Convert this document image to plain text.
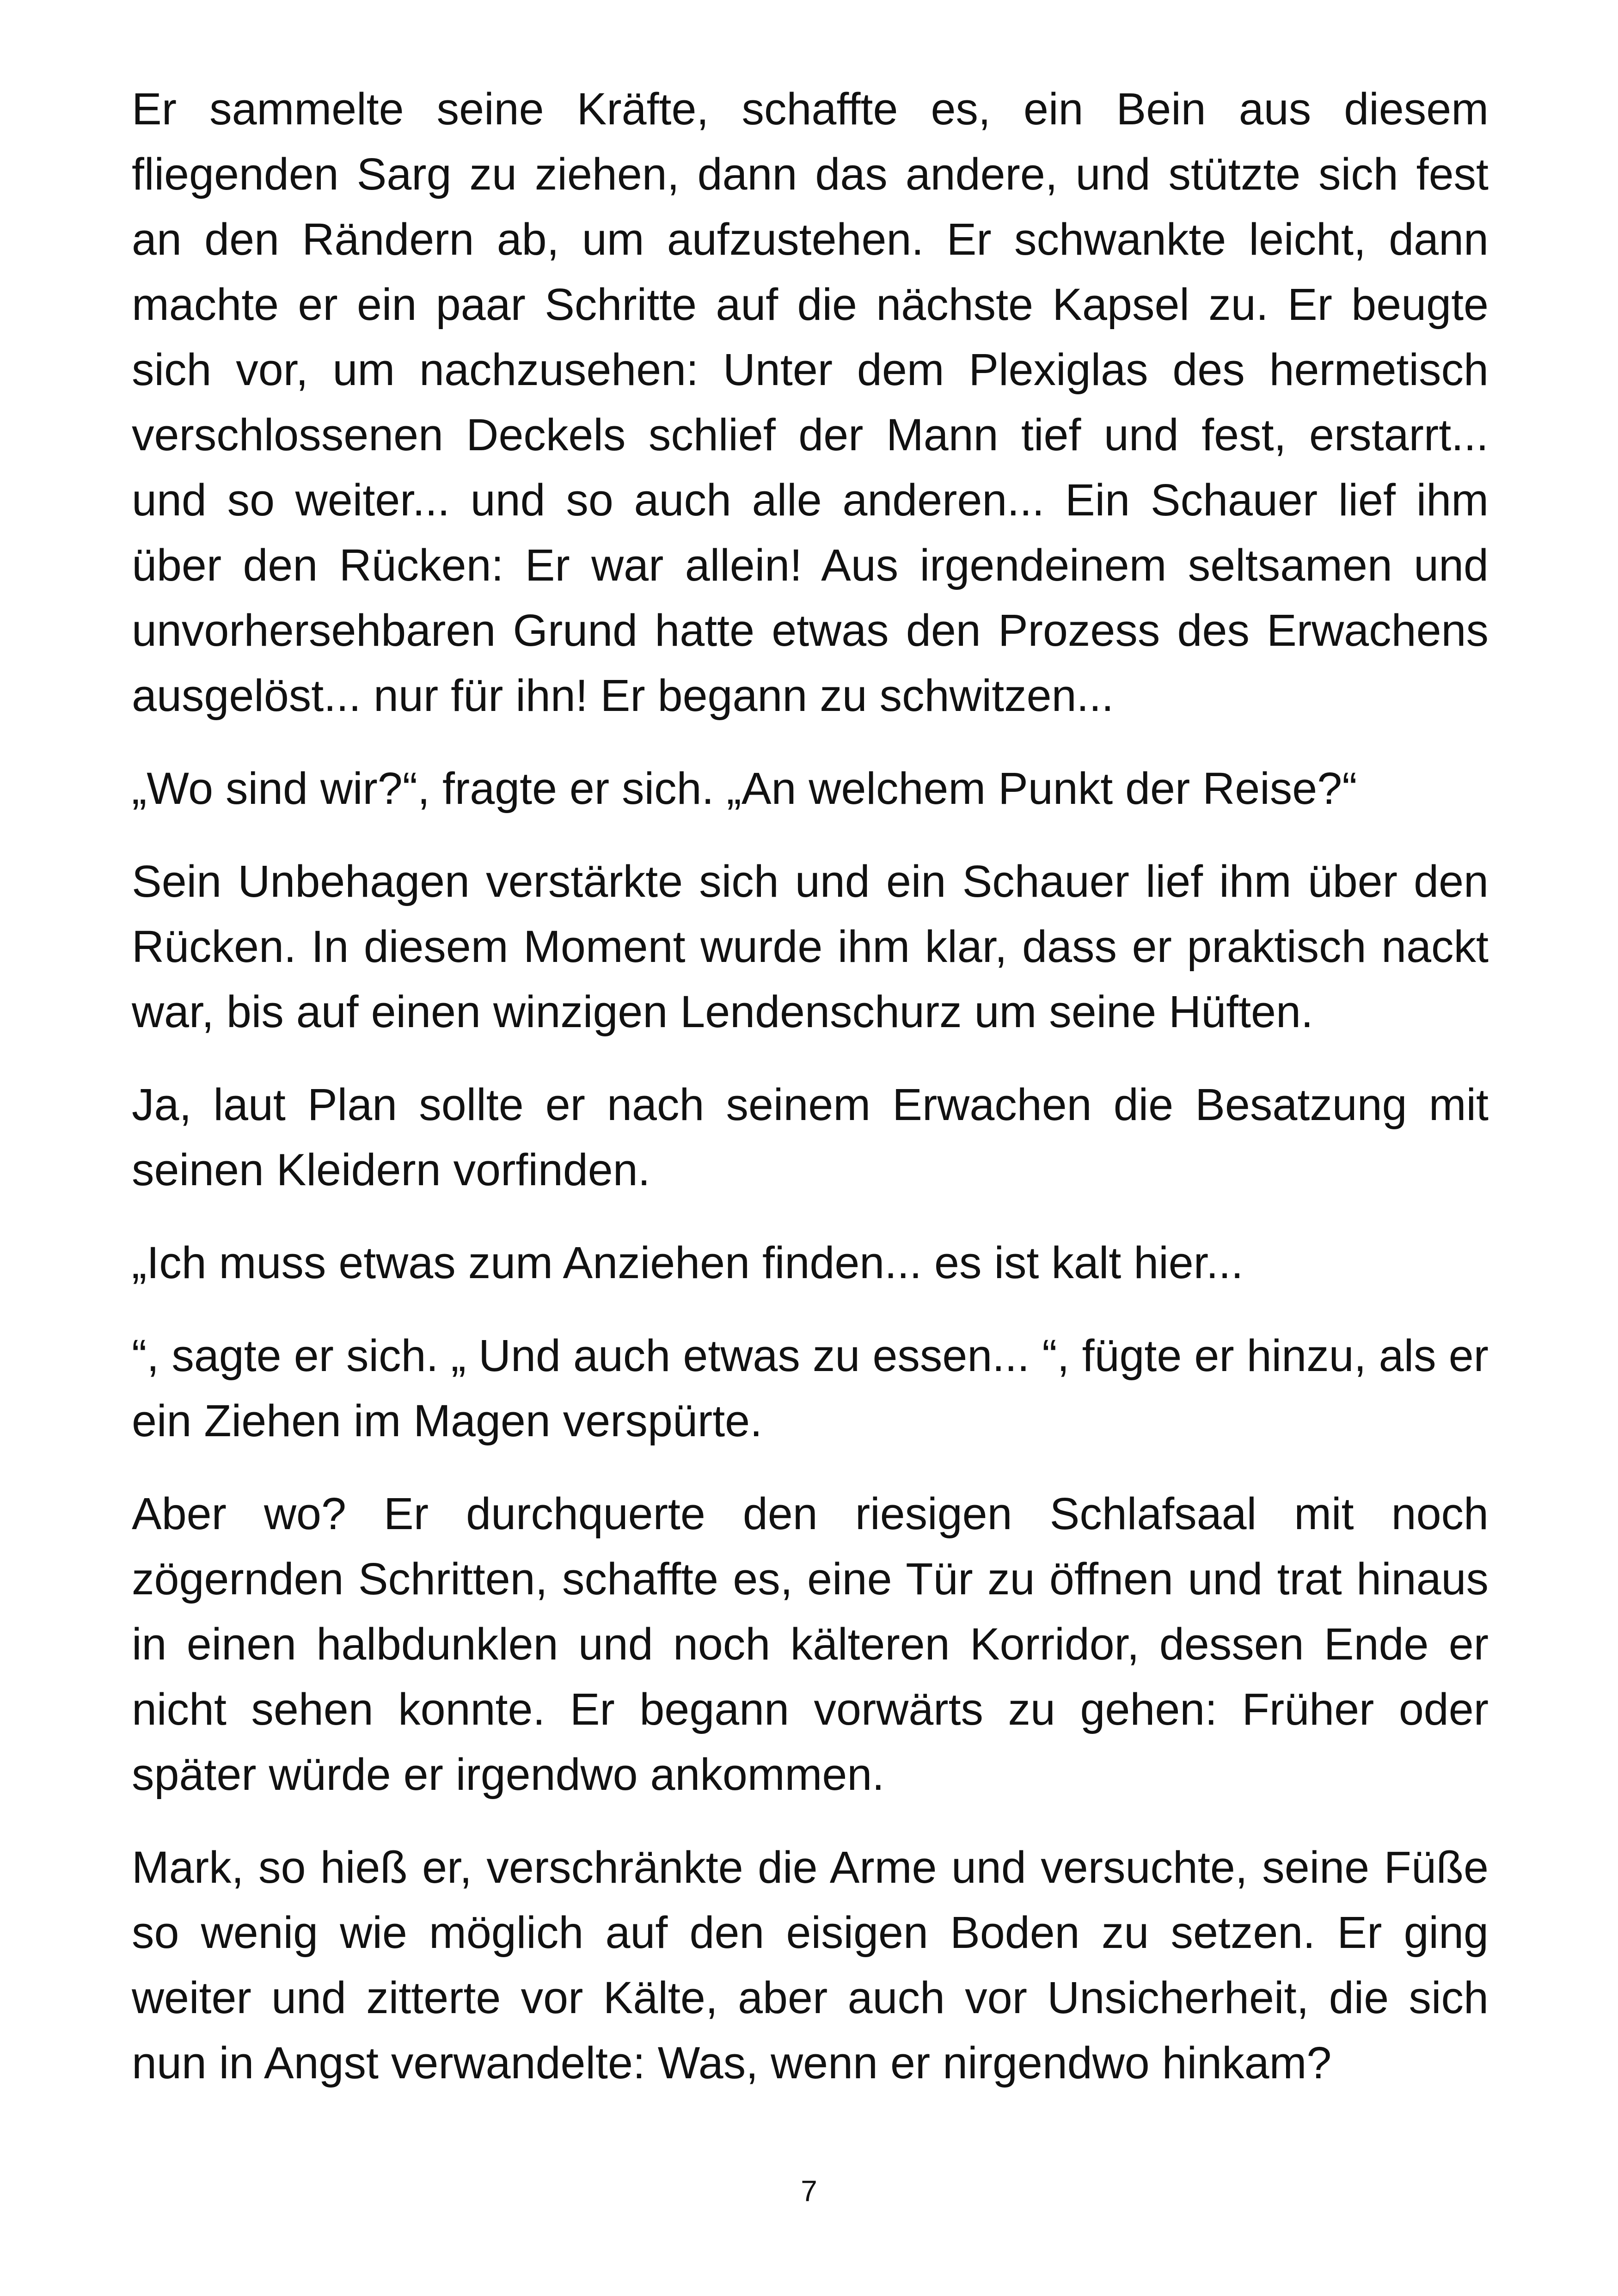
Er sammelte seine Kräfte, schaffte es, ein Bein aus diesem fliegenden Sarg zu ziehen, dann das andere, und stützte sich fest an den Rändern ab, um aufzustehen. Er schwankte leicht, dann machte er ein paar Schritte auf die nächste Kapsel zu. Er beugte sich vor, um nachzusehen: Unter dem Plexiglas des hermetisch verschlossenen Deckels schlief der Mann tief und fest, erstarrt... und so weiter... und so auch alle anderen... Ein Schauer lief ihm über den Rücken: Er war allein! Aus irgendeinem seltsamen und unvorhersehbaren Grund hatte etwas den Prozess des Erwachens ausgelöst... nur für ihn! Er begann zu schwitzen...

„Wo sind wir?“, fragte er sich. „An welchem Punkt der Reise?“

Sein Unbehagen verstärkte sich und ein Schauer lief ihm über den Rücken. In diesem Moment wurde ihm klar, dass er praktisch nackt war, bis auf einen winzigen Lendenschurz um seine Hüften.

Ja, laut Plan sollte er nach seinem Erwachen die Besatzung mit seinen Kleidern vorfinden.

„Ich muss etwas zum Anziehen finden... es ist kalt hier...

“, sagte er sich. „ Und auch etwas zu essen... “, fügte er hinzu, als er ein Ziehen im Magen verspürte.

Aber wo? Er durchquerte den riesigen Schlafsaal mit noch zögernden Schritten, schaffte es, eine Tür zu öffnen und trat hinaus in einen halbdunklen und noch kälteren Korridor, dessen Ende er nicht sehen konnte. Er begann vorwärts zu gehen: Früher oder später würde er irgendwo ankommen.

Mark, so hieß er, verschränkte die Arme und versuchte, seine Füße so wenig wie möglich auf den eisigen Boden zu setzen. Er ging weiter und zitterte vor Kälte, aber auch vor Unsicherheit, die sich nun in Angst verwandelte: Was, wenn er nirgendwo hinkam?

7
